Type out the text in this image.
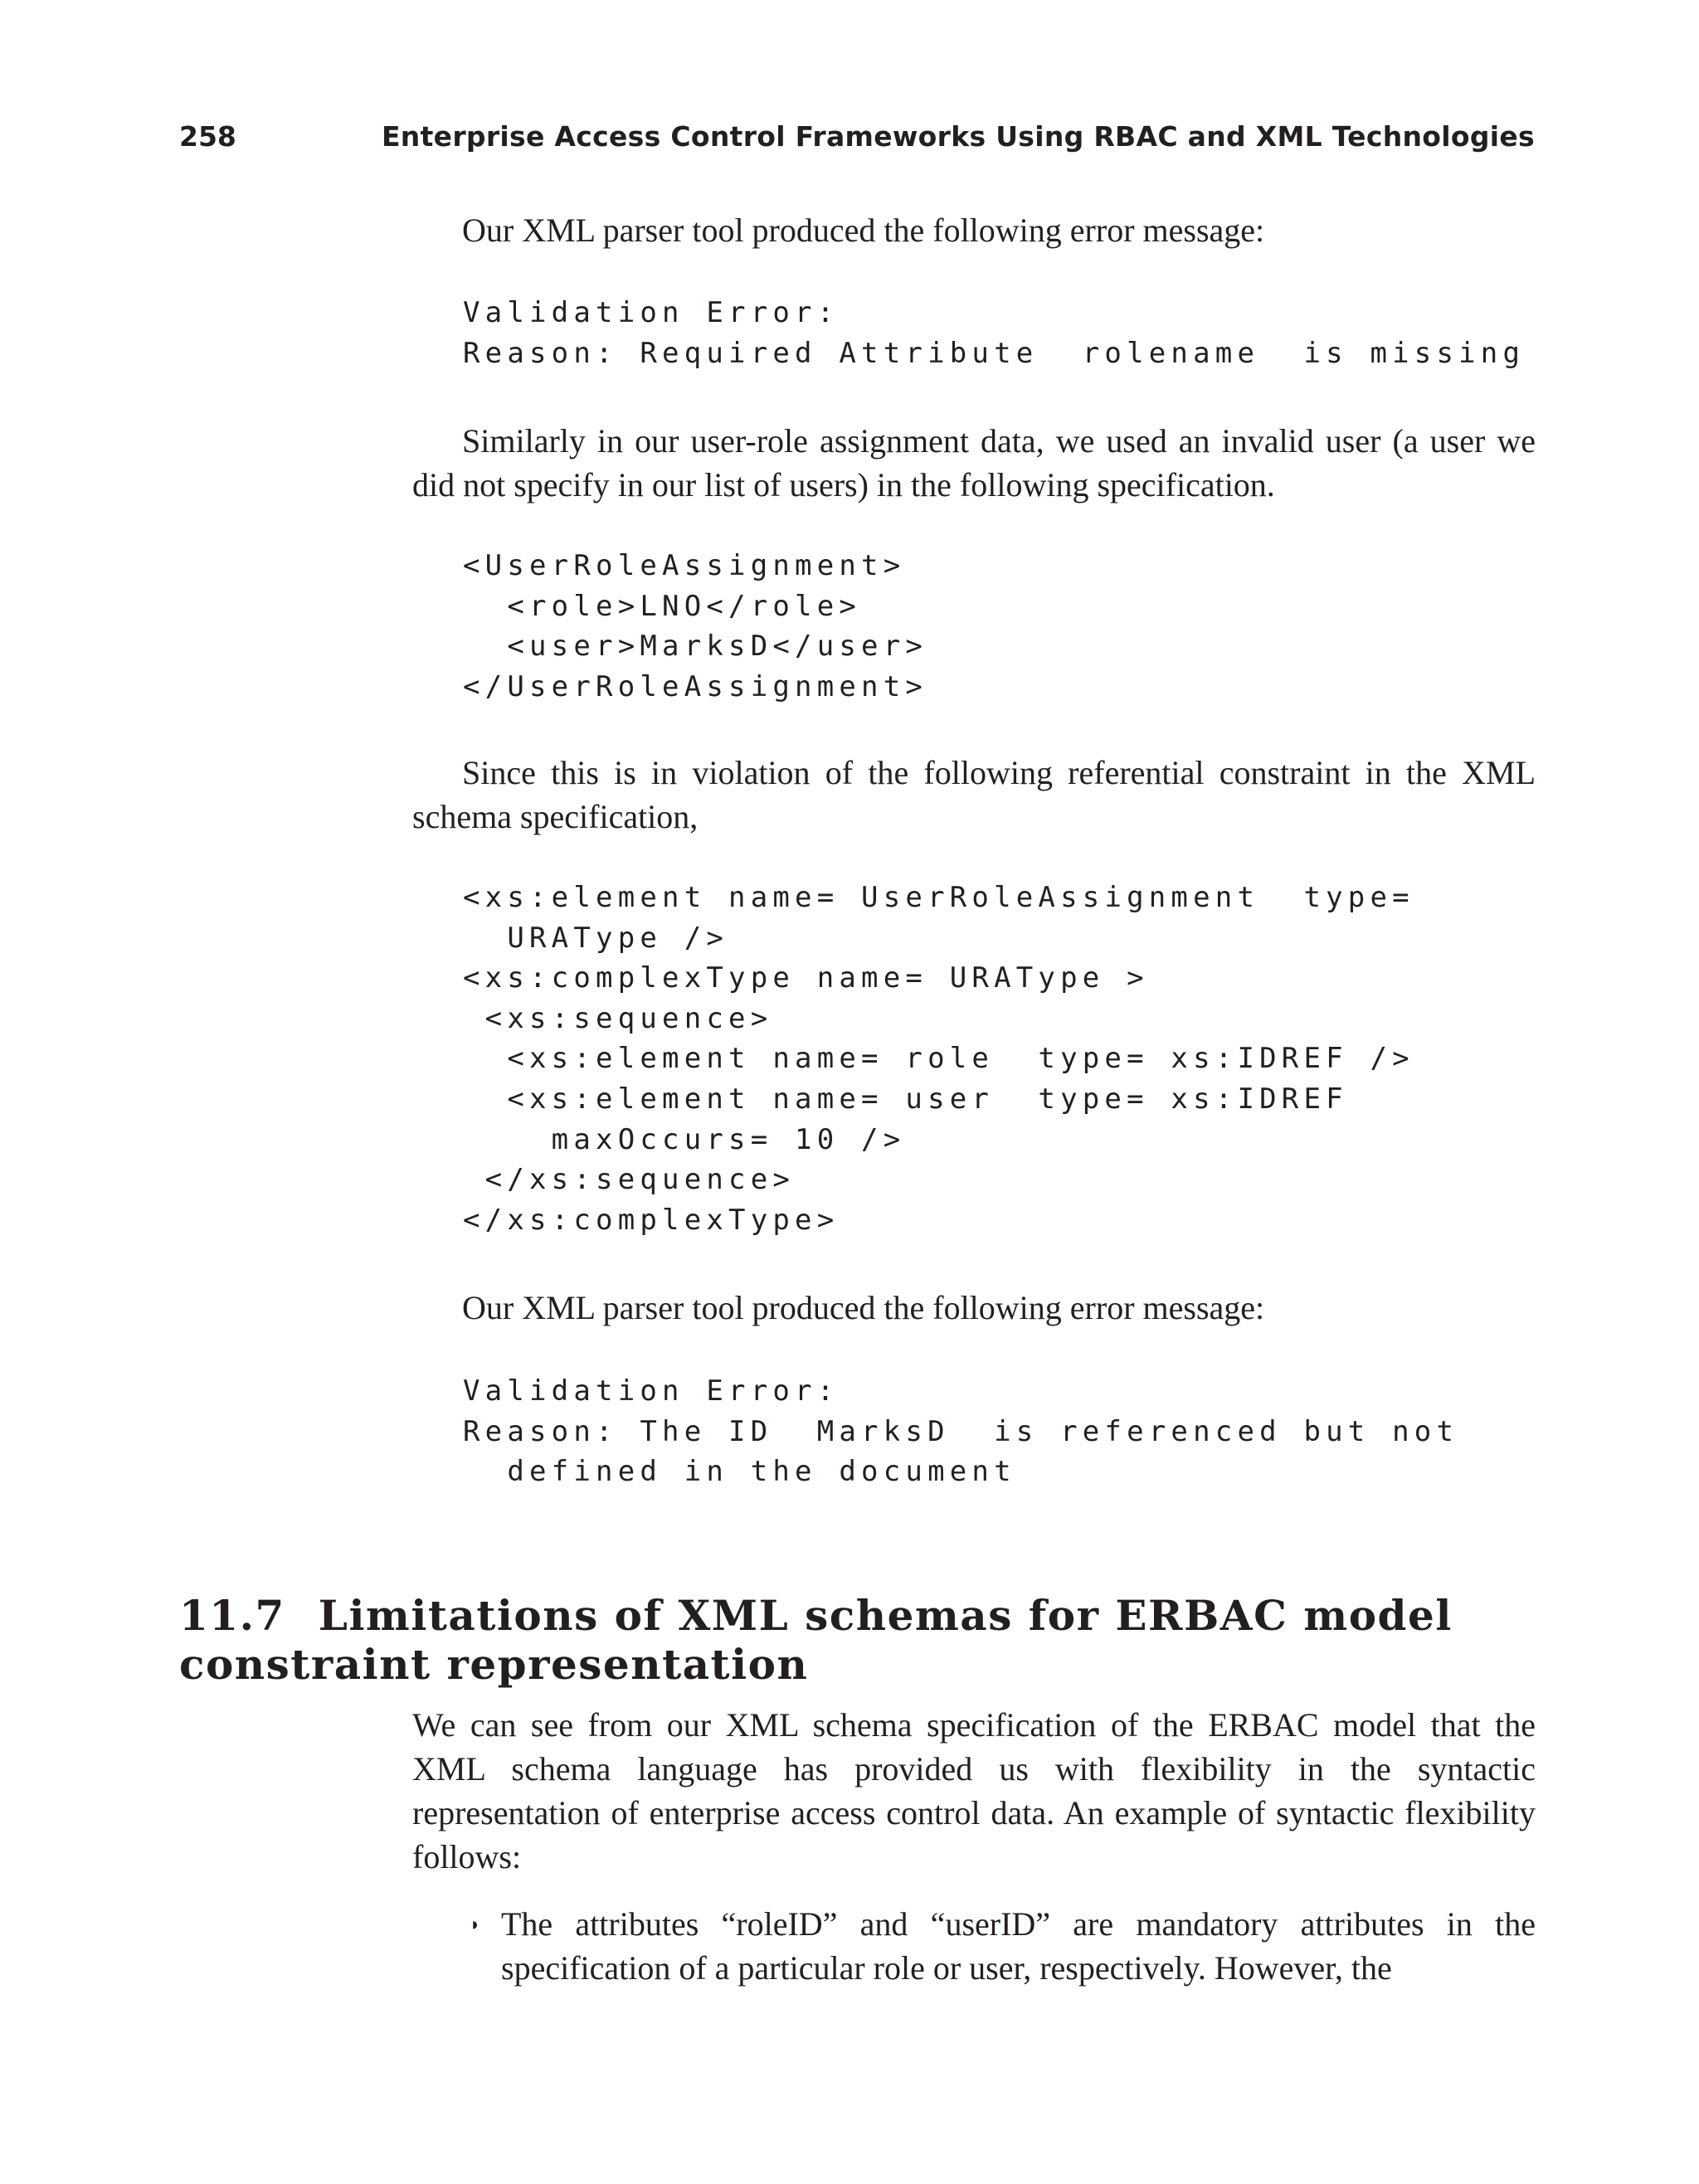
258	Enterprise Access Control Frameworks Using RBAC and XML Technologies

Our XML parser tool produced the following error message:

Validation Error:
Reason: Required Attribute  rolename  is missing

Similarly in our user-role assignment data, we used an invalid user (a user we did not specify in our list of users) in the following specification.

<UserRoleAssignment>
<role>LNO</role>
<user>MarksD</user>
</UserRoleAssignment>

Since this is in violation of the following referential constraint in the XML schema specification,

<xs:element name= UserRoleAssignment  type=
URAType />
<xs:complexType name= URAType >
<xs:sequence>
<xs:element name= role  type= xs:IDREF />
<xs:element name= user  type= xs:IDREF
maxOccurs= 10 />
</xs:sequence>
</xs:complexType>

Our XML parser tool produced the following error message:

Validation Error:
Reason: The ID  MarksD  is referenced but not
defined in the document
11.7 Limitations of XML schemas for ERBAC model constraint representation

We can see from our XML schema specification of the ERBAC model that the XML schema language has provided us with flexibility in the syntactic representation of enterprise access control data. An example of syntactic flexibility follows:

◗ The attributes “roleID” and “userID” are mandatory attributes in the specification of a particular role or user, respectively. However, the
